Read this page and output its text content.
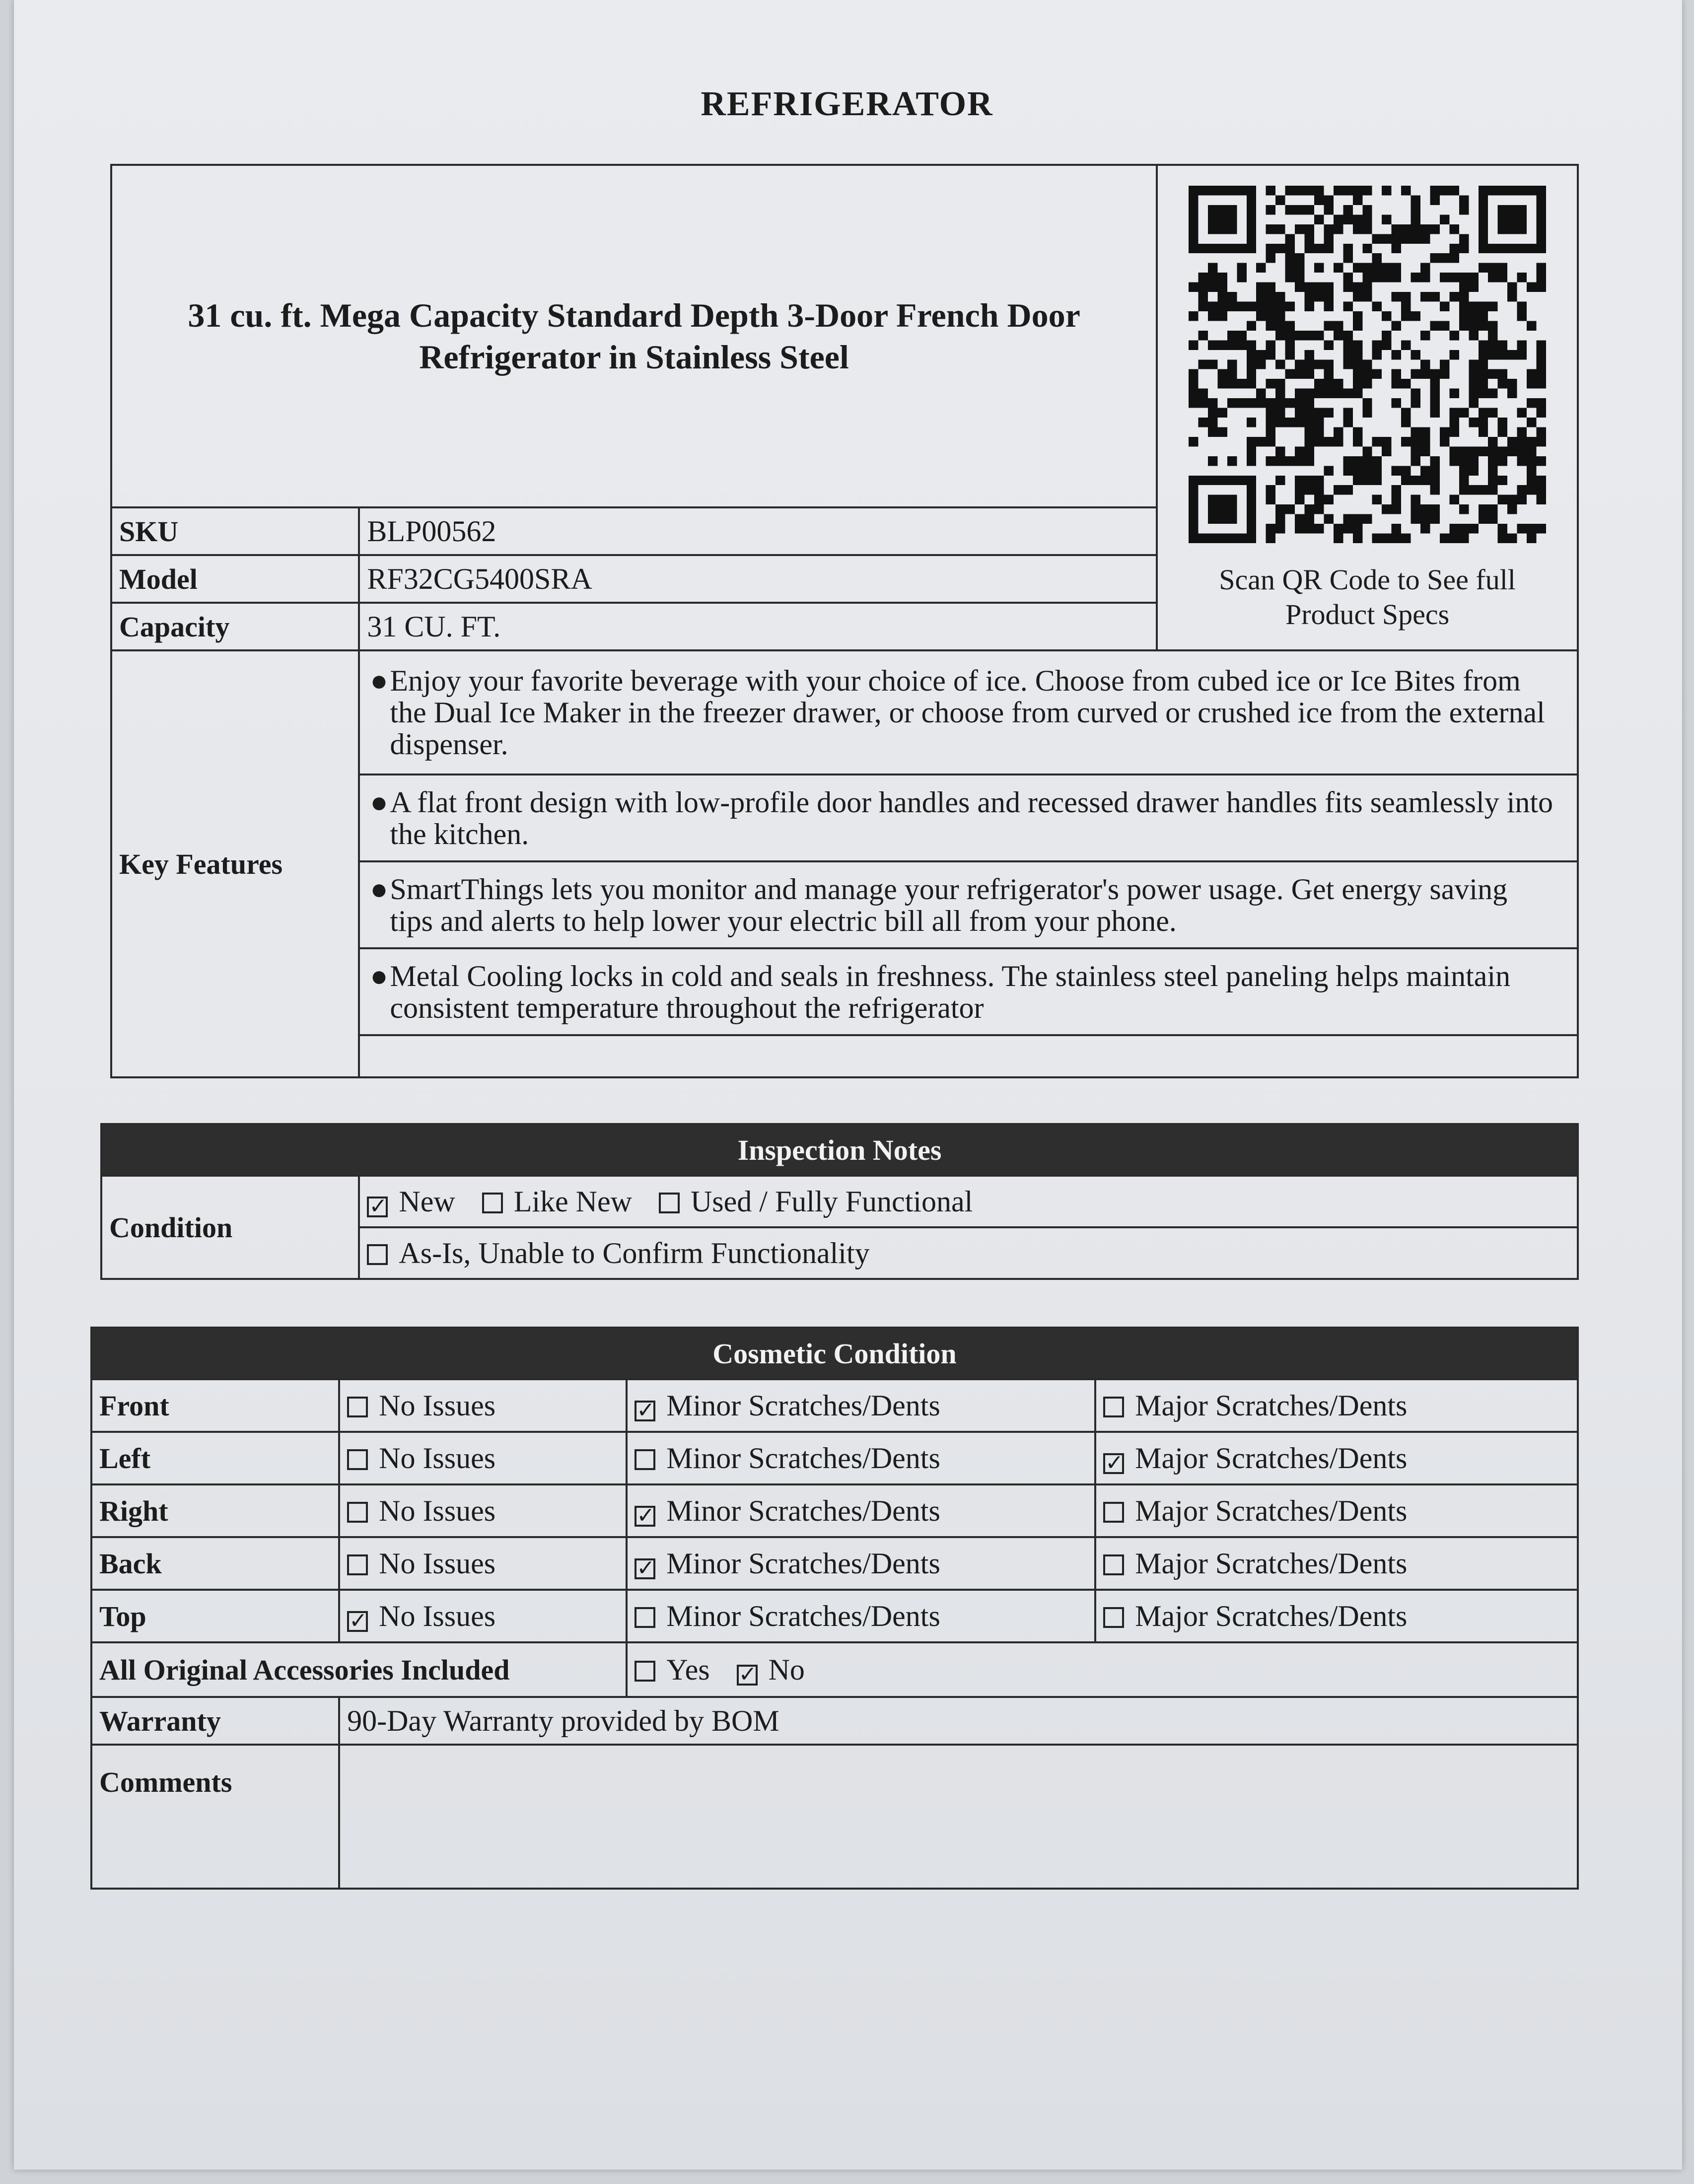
REFRIGERATOR
31 cu. ft. Mega Capacity Standard Depth 3-Door French Door
Refrigerator in Stainless Steel		Scan QR Code to See full
Product Specs

SKU	BLP00562	
Model	RF32CG5400SRA	
Capacity	31 CU. FT.	
Key Features	●Enjoy your favorite beverage with your choice of ice. Choose from cubed ice or Ice Bites from the Dual Ice Maker in the freezer drawer, or choose from curved or crushed ice from the external dispenser.	
	●A flat front design with low-profile door handles and recessed drawer handles fits seamlessly into the kitchen.	
	●SmartThings lets you monitor and manage your refrigerator's power usage. Get energy saving tips and alerts to help lower your electric bill all from your phone.	
	●Metal Cooling locks in cold and seals in freshness. The stainless steel paneling helps maintain consistent temperature throughout the refrigerator	

Inspection Notes
Condition	✓ New Like New Used / Fully Functional
As-Is, Unable to Confirm Functionality
Cosmetic Condition			
Front	No Issues	✓ Minor Scratches/Dents	Major Scratches/Dents
Left	No Issues	Minor Scratches/Dents	✓ Major Scratches/Dents
Right	No Issues	✓ Minor Scratches/Dents	Major Scratches/Dents
Back	No Issues	✓ Minor Scratches/Dents	Major Scratches/Dents
Top	✓ No Issues	Minor Scratches/Dents	Major Scratches/Dents
All Original Accessories Included		Yes ✓ No	
Warranty	90-Day Warranty provided by BOM		
Comments			
